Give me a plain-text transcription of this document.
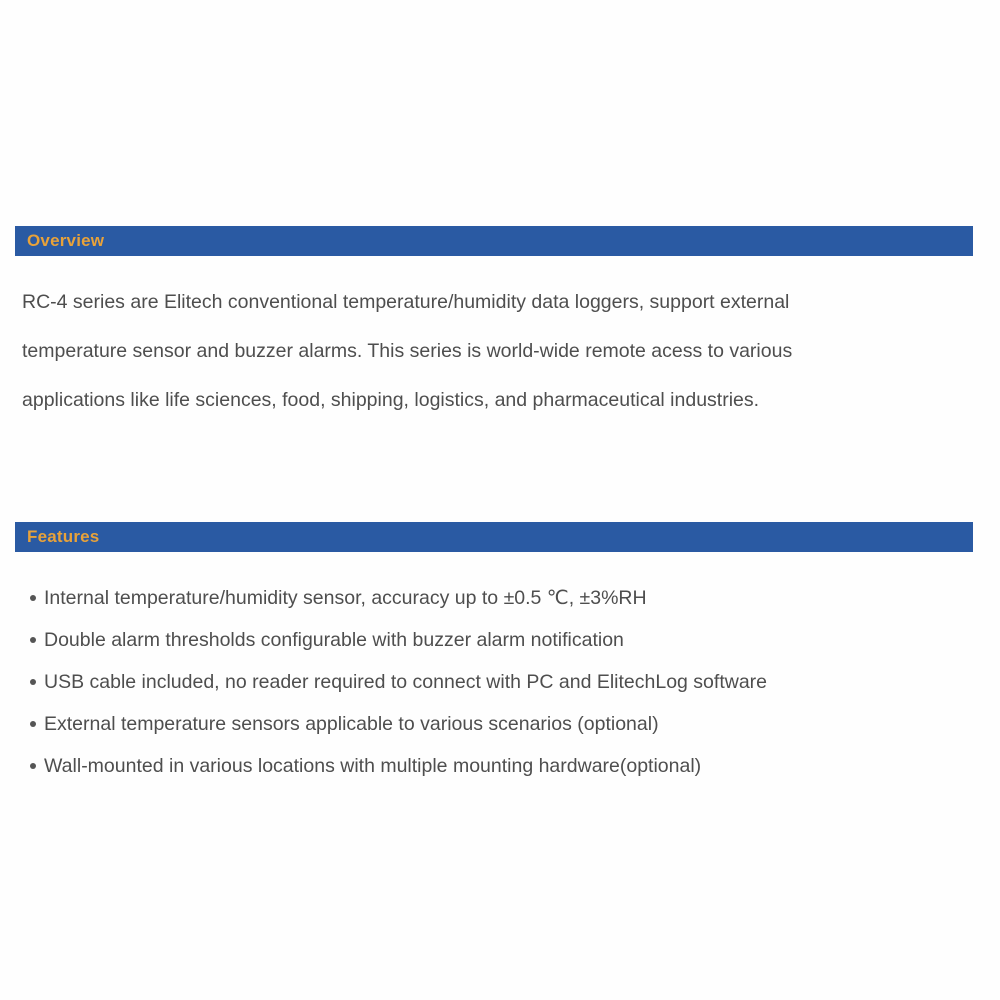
Overview
RC-4 series are Elitech conventional temperature/humidity data loggers, support external
temperature sensor and buzzer alarms. This series is world-wide remote acess to various
applications like life sciences, food, shipping, logistics, and pharmaceutical industries.
Features
Internal temperature/humidity sensor, accuracy up to ±0.5 ℃, ±3%RH
Double alarm thresholds configurable with buzzer alarm notification
USB cable included, no reader required to connect with PC and ElitechLog software
External temperature sensors applicable to various scenarios (optional)
Wall-mounted in various locations with multiple mounting hardware(optional)
